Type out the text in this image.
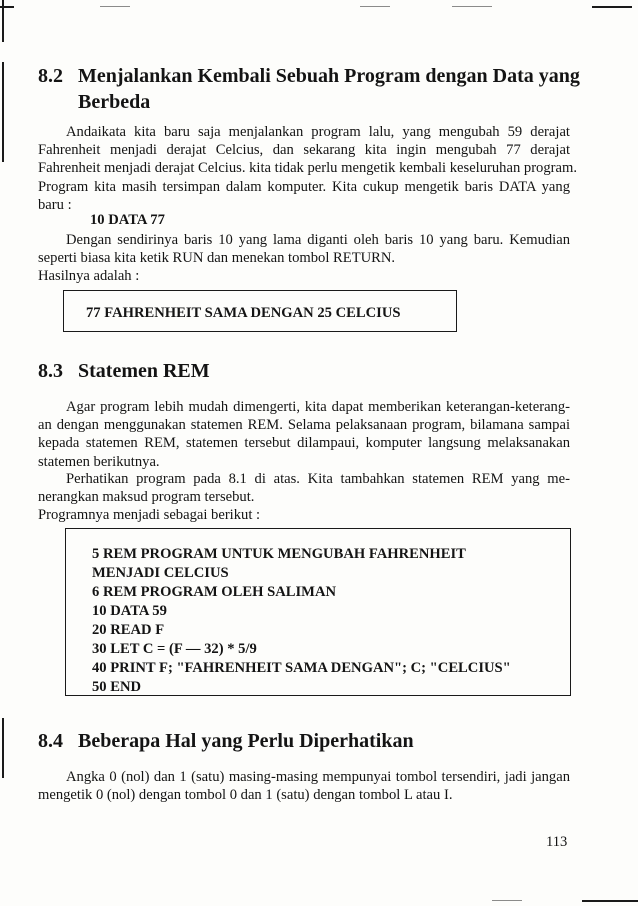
8.2 Menjalankan Kembali Sebuah Program dengan Data yang
Berbeda
Andaikata kita baru saja menjalankan program lalu, yang mengubah 59 derajat
Fahrenheit menjadi derajat Celcius, dan sekarang kita ingin mengubah 77 derajat
Fahrenheit menjadi derajat Celcius. kita tidak perlu mengetik kembali keseluruhan program.
Program kita masih tersimpan dalam komputer. Kita cukup mengetik baris DATA yang
baru :
10 DATA 77
Dengan sendirinya baris 10 yang lama diganti oleh baris 10 yang baru. Kemudian
seperti biasa kita ketik RUN dan menekan tombol RETURN.
Hasilnya adalah :
77 FAHRENHEIT SAMA DENGAN 25 CELCIUS
8.3 Statemen REM
Agar program lebih mudah dimengerti, kita dapat memberikan keterangan-keterang-
an dengan menggunakan statemen REM. Selama pelaksanaan program, bilamana sampai
kepada statemen REM, statemen tersebut dilampaui, komputer langsung melaksanakan
statemen berikutnya.
Perhatikan program pada 8.1 di atas. Kita tambahkan statemen REM yang me-
nerangkan maksud program tersebut.
Programnya menjadi sebagai berikut :
5 REM PROGRAM UNTUK MENGUBAH FAHRENHEIT
MENJADI CELCIUS
6 REM PROGRAM OLEH SALIMAN
10 DATA 59
20 READ F
30 LET C = (F — 32) * 5/9
40 PRINT F; "FAHRENHEIT SAMA DENGAN"; C; "CELCIUS"
50 END
8.4 Beberapa Hal yang Perlu Diperhatikan
Angka 0 (nol) dan 1 (satu) masing-masing mempunyai tombol tersendiri, jadi jangan
mengetik 0 (nol) dengan tombol 0 dan 1 (satu) dengan tombol L atau I.
113
